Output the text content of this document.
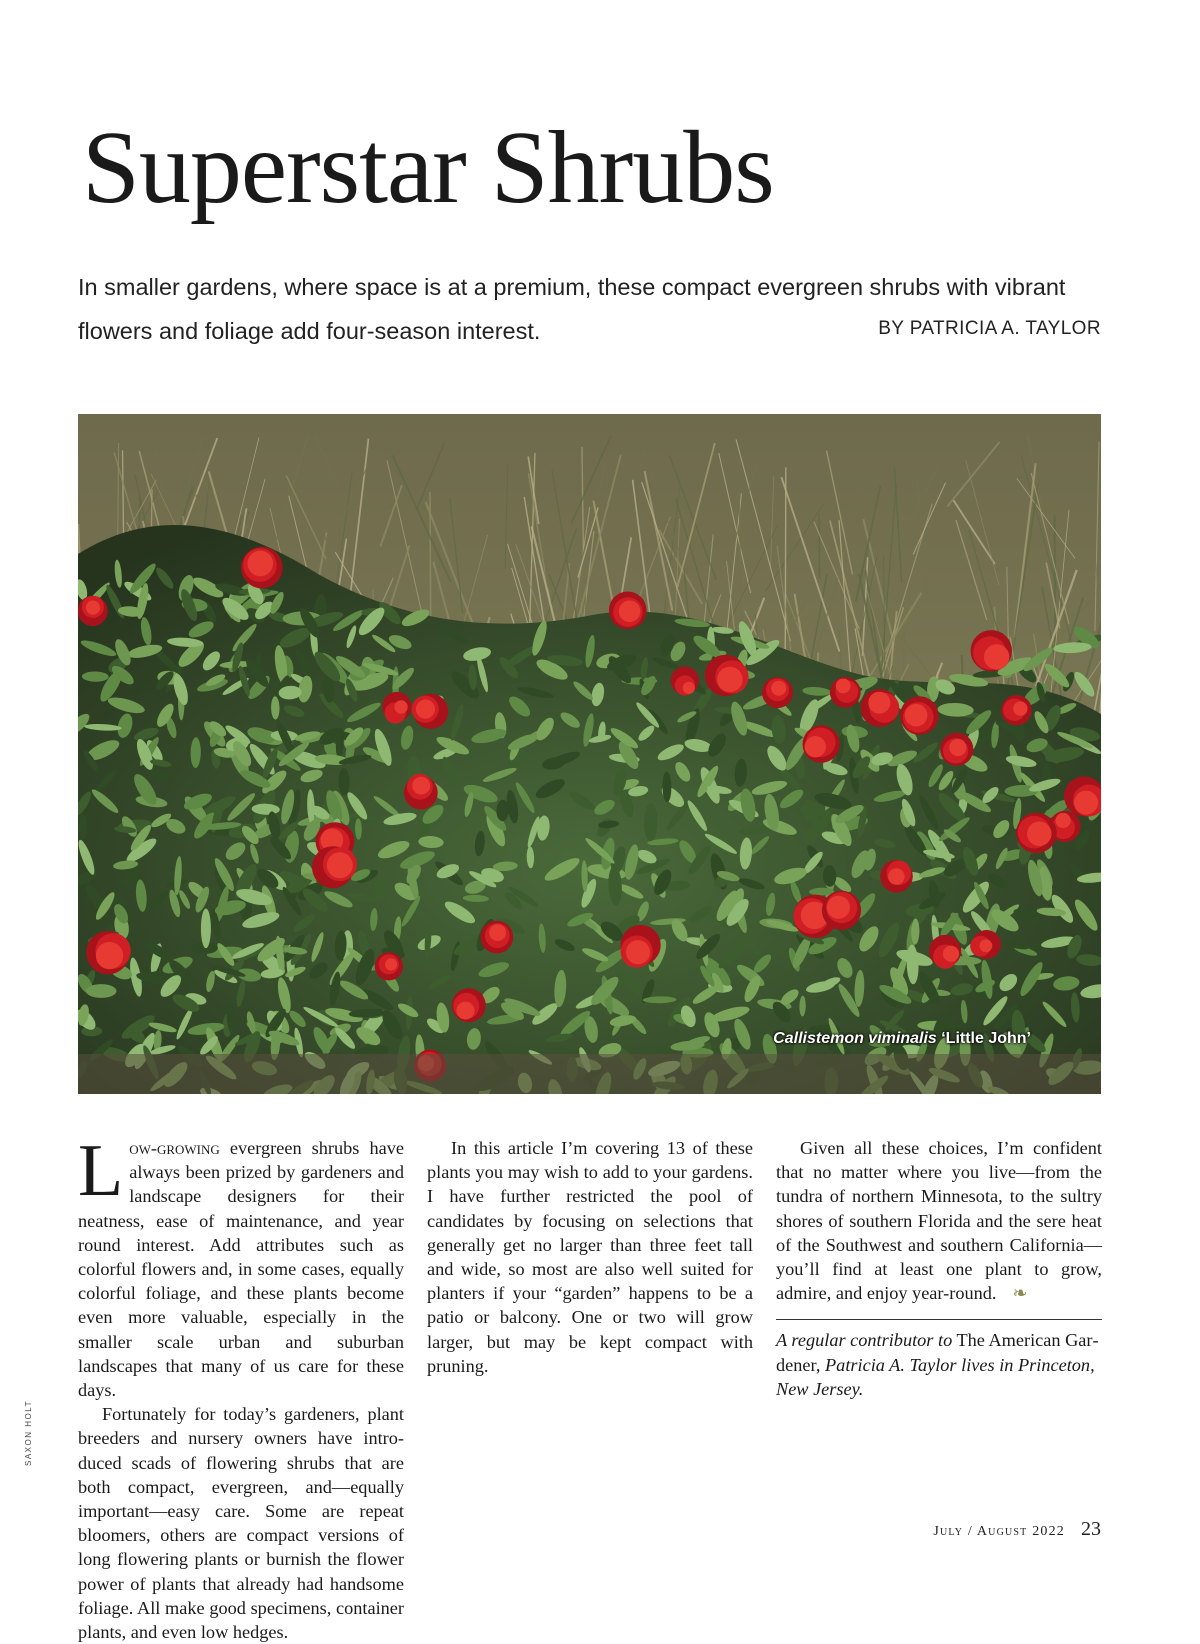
Superstar Shrubs

In smaller gardens, where space is at a premium, these compact evergreen shrubs with vibrant flowers and foliage add four-season interest.	BY PATRICIA A. TAYLOR
Callistemon viminalis ‘Little John’
SAXON HOLT

Low-growing evergreen shrubs have always been prized by gardeners and landscape designers for their neatness, ease of maintenance, and year round interest. Add attributes such as colorful flowers and, in some cases, equally colorful foliage, and these plants become even more valuable, especially in the smaller scale urban and suburban landscapes that many of us care for these days.

Fortunately for today’s gardeners, plant breeders and nursery owners have introduced scads of flowering shrubs that are both compact, evergreen, and—equally important—easy care. Some are repeat bloomers, others are compact versions of long flowering plants or burnish the flower power of plants that already had handsome foliage. All make good specimens, container plants, and even low hedges.

In this article I’m covering 13 of these plants you may wish to add to your gardens. I have further restricted the pool of candidates by focusing on selections that generally get no larger than three feet tall and wide, so most are also well suited for planters if your “garden” happens to be a patio or balcony. One or two will grow larger, but may be kept compact with pruning.

Given all these choices, I’m confident that no matter where you live—from the tundra of northern Minnesota, to the sultry shores of southern Florida and the sere heat of the Southwest and southern California—you’ll find at least one plant to grow, admire, and enjoy year-round. ❧

A regular contributor to The American Gardener, Patricia A. Taylor lives in Princeton, New Jersey.

July / August 2022 23
